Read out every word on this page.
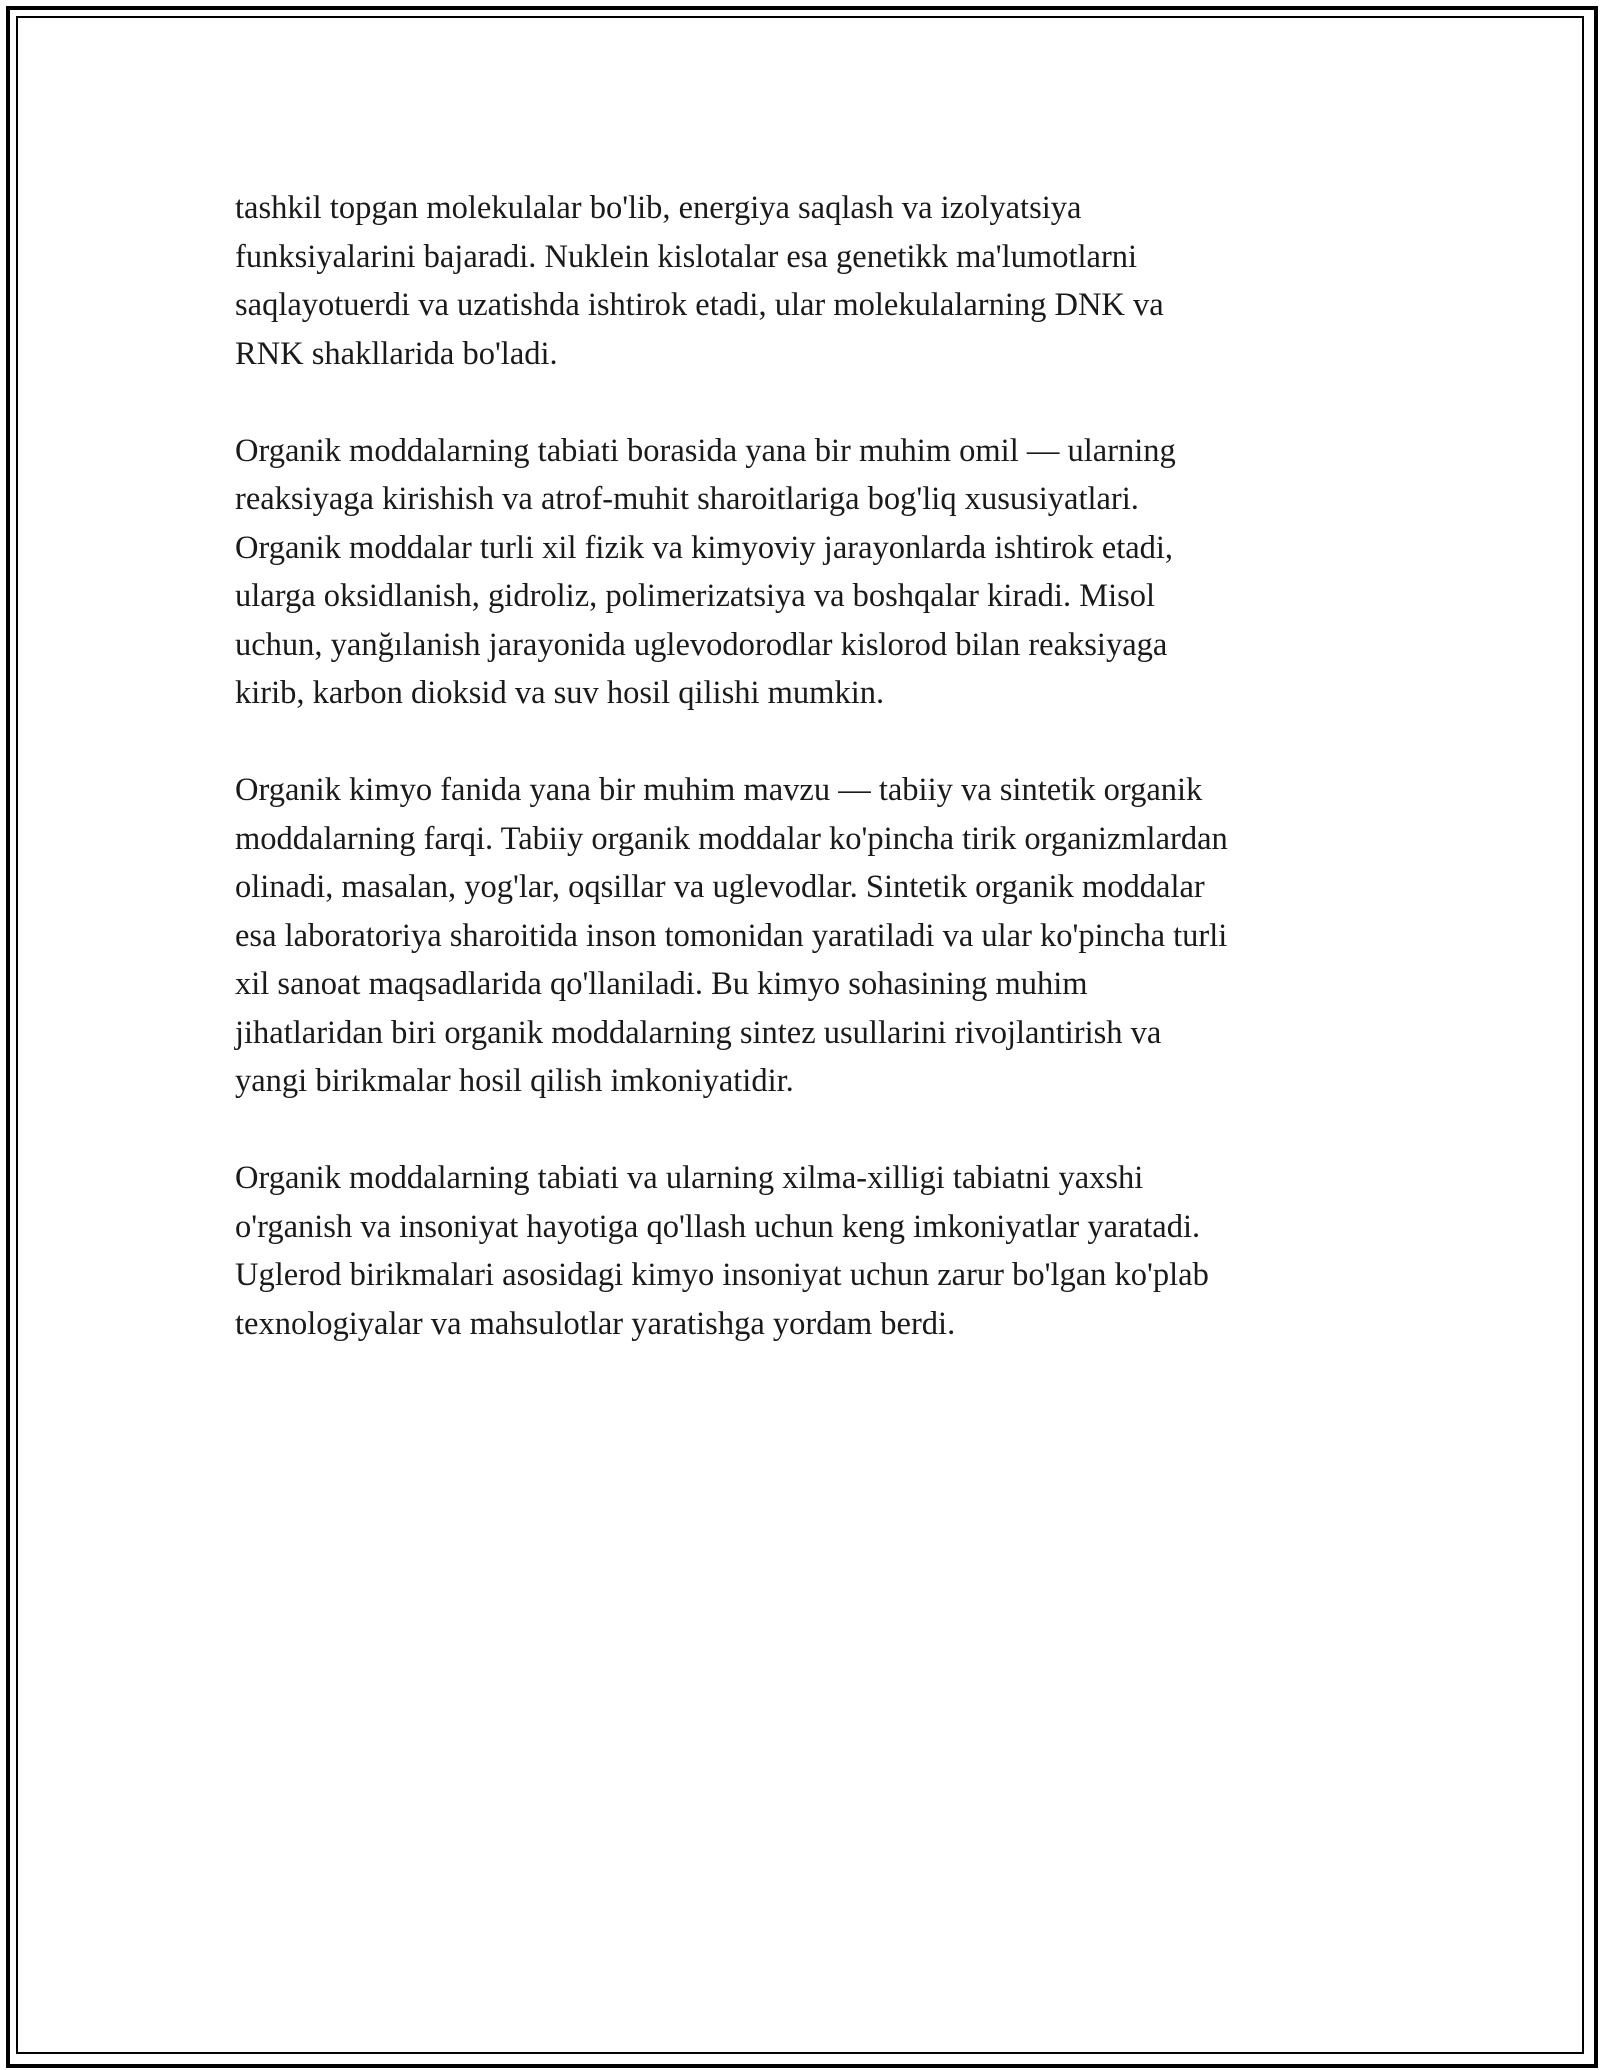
tashkil topgan molekulalar bo'lib, energiya saqlash va izolyatsiya
funksiyalarini bajaradi. Nuklein kislotalar esa genetikk ma'lumotlarni
saqlayotuerdi va uzatishda ishtirok etadi, ular molekulalarning DNK va
RNK shakllarida bo'ladi.

Organik moddalarning tabiati borasida yana bir muhim omil — ularning
reaksiyaga kirishish va atrof-muhit sharoitlariga bog'liq xususiyatlari.
Organik moddalar turli xil fizik va kimyoviy jarayonlarda ishtirok etadi,
ularga oksidlanish, gidroliz, polimerizatsiya va boshqalar kiradi. Misol
uchun, yanğılanish jarayonida uglevodorodlar kislorod bilan reaksiyaga
kirib, karbon dioksid va suv hosil qilishi mumkin.

Organik kimyo fanida yana bir muhim mavzu — tabiiy va sintetik organik
moddalarning farqi. Tabiiy organik moddalar ko'pincha tirik organizmlardan
olinadi, masalan, yog'lar, oqsillar va uglevodlar. Sintetik organik moddalar
esa laboratoriya sharoitida inson tomonidan yaratiladi va ular ko'pincha turli
xil sanoat maqsadlarida qo'llaniladi. Bu kimyo sohasining muhim
jihatlaridan biri organik moddalarning sintez usullarini rivojlantirish va
yangi birikmalar hosil qilish imkoniyatidir.

Organik moddalarning tabiati va ularning xilma-xilligi tabiatni yaxshi
o'rganish va insoniyat hayotiga qo'llash uchun keng imkoniyatlar yaratadi.
Uglerod birikmalari asosidagi kimyo insoniyat uchun zarur bo'lgan ko'plab
texnologiyalar va mahsulotlar yaratishga yordam berdi.
